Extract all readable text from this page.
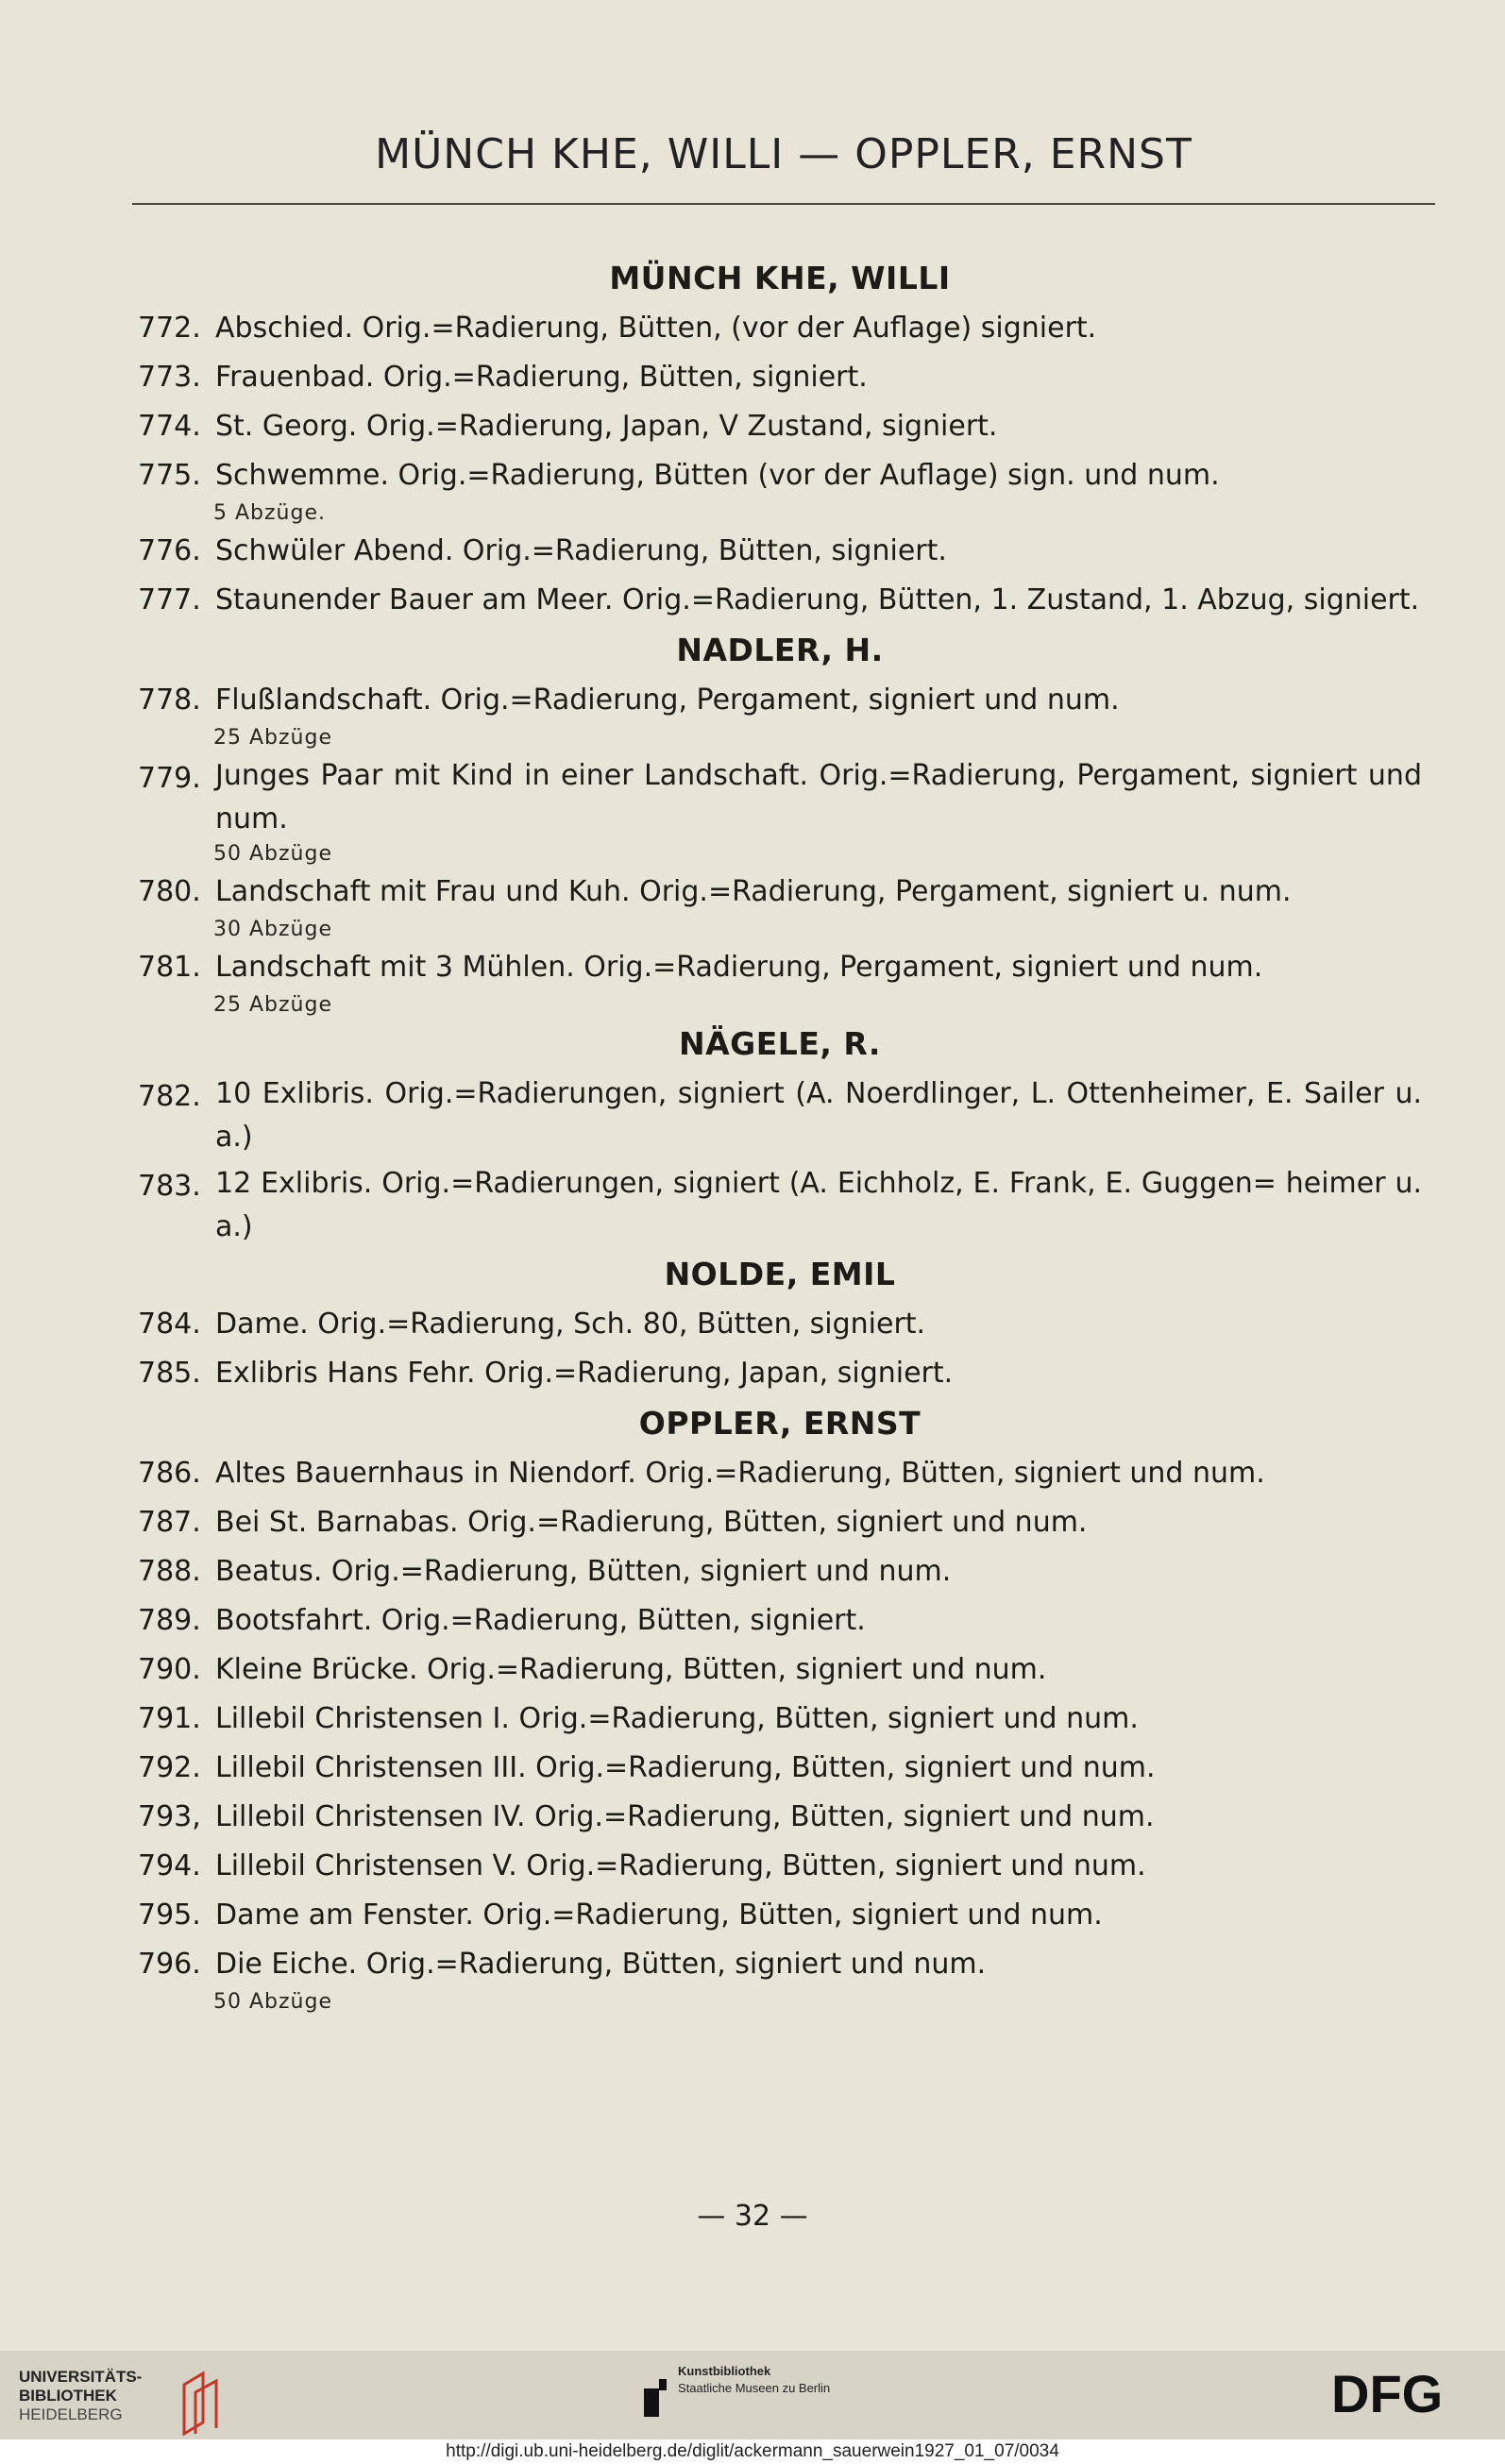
MÜNCH KHE, WILLI — OPPLER, ERNST
MÜNCH KHE, WILLI
772. Abschied. Orig.=Radierung, Bütten, (vor der Auflage) signiert.
773. Frauenbad. Orig.=Radierung, Bütten, signiert.
774. St. Georg. Orig.=Radierung, Japan, V Zustand, signiert.
775. Schwemme. Orig.=Radierung, Bütten (vor der Auflage) sign. und num.
5 Abzüge.
776. Schwüler Abend. Orig.=Radierung, Bütten, signiert.
777. Staunender Bauer am Meer. Orig.=Radierung, Bütten, 1. Zustand, 1. Abzug, signiert.
NADLER, H.
778. Flußlandschaft. Orig.=Radierung, Pergament, signiert und num.
25 Abzüge
779. Junges Paar mit Kind in einer Landschaft. Orig.=Radierung, Pergament, signiert und num.
50 Abzüge
780. Landschaft mit Frau und Kuh. Orig.=Radierung, Pergament, signiert u. num.
30 Abzüge
781. Landschaft mit 3 Mühlen. Orig.=Radierung, Pergament, signiert und num.
25 Abzüge
NÄGELE, R.
782. 10 Exlibris. Orig.=Radierungen, signiert (A. Noerdlinger, L. Ottenheimer, E. Sailer u. a.)
783. 12 Exlibris. Orig.=Radierungen, signiert (A. Eichholz, E. Frank, E. Guggen= heimer u. a.)
NOLDE, EMIL
784. Dame. Orig.=Radierung, Sch. 80, Bütten, signiert.
785. Exlibris Hans Fehr. Orig.=Radierung, Japan, signiert.
OPPLER, ERNST
786. Altes Bauernhaus in Niendorf. Orig.=Radierung, Bütten, signiert und num.
787. Bei St. Barnabas. Orig.=Radierung, Bütten, signiert und num.
788. Beatus. Orig.=Radierung, Bütten, signiert und num.
789. Bootsfahrt. Orig.=Radierung, Bütten, signiert.
790. Kleine Brücke. Orig.=Radierung, Bütten, signiert und num.
791. Lillebil Christensen I. Orig.=Radierung, Bütten, signiert und num.
792. Lillebil Christensen III. Orig.=Radierung, Bütten, signiert und num.
793, Lillebil Christensen IV. Orig.=Radierung, Bütten, signiert und num.
794. Lillebil Christensen V. Orig.=Radierung, Bütten, signiert und num.
795. Dame am Fenster. Orig.=Radierung, Bütten, signiert und num.
796. Die Eiche. Orig.=Radierung, Bütten, signiert und num.
50 Abzüge
— 32 —
UNIVERSITÄTS-
BIBLIOTHEK
HEIDELBERG
Kunstbibliothek
Staatliche Museen zu Berlin	DFG
http://digi.ub.uni-heidelberg.de/diglit/ackermann_sauerwein1927_01_07/0034
